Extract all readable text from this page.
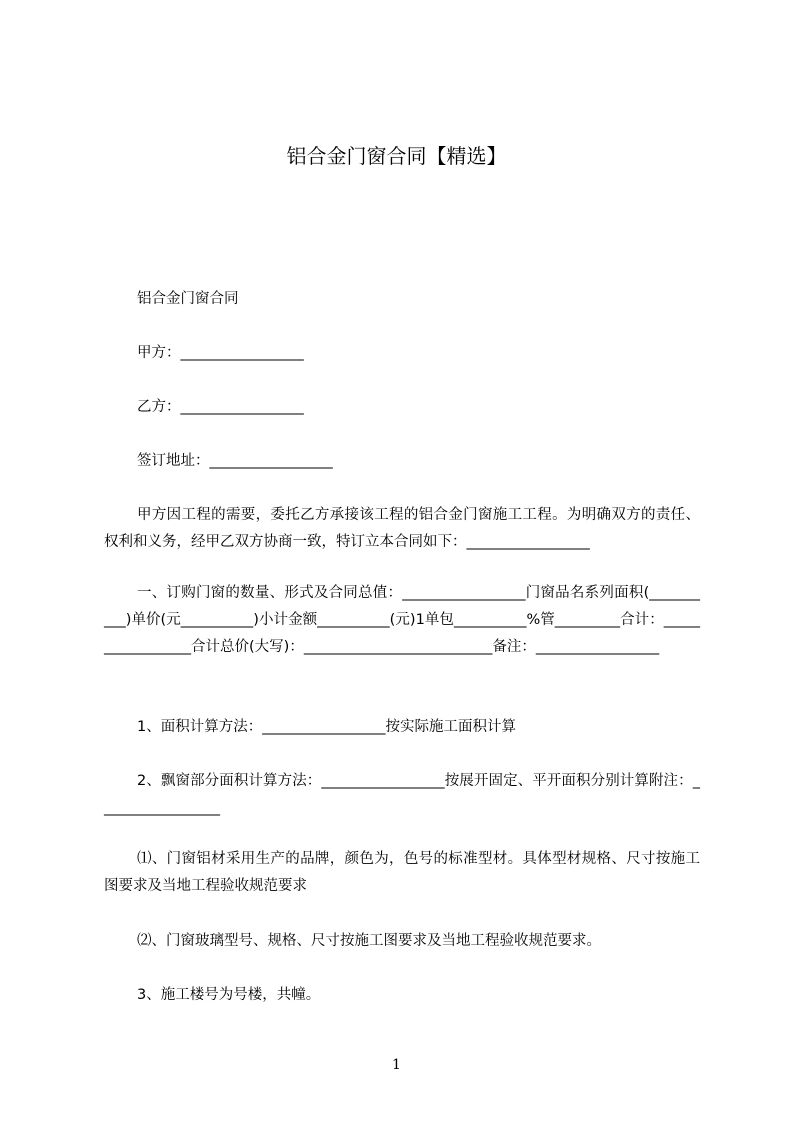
铝合金门窗合同【精选】

铝合金门窗合同

甲方：_________________

乙方：_________________

签订地址：_________________

甲方因工程的需要，委托乙方承接该工程的铝合金门窗施工工程。为明确双方的责任、权利和义务，经甲乙双方协商一致，特订立本合同如下：_________________

一、订购门窗的数量、形式及合同总值：_________________门窗品名系列面积(__________)单价(元__________)小计金额__________(元)1单包__________%管_________合计：_________________合计总价(大写)：__________________________备注：_________________

1、面积计算方法：_________________按实际施工面积计算

2、飘窗部分面积计算方法：_________________按展开固定、平开面积分别计算附注：_________________

⑴、门窗铝材采用生产的品牌，颜色为，色号的标准型材。具体型材规格、尺寸按施工图要求及当地工程验收规范要求

⑵、门窗玻璃型号、规格、尺寸按施工图要求及当地工程验收规范要求。

3、施工楼号为号楼，共幢。

1
